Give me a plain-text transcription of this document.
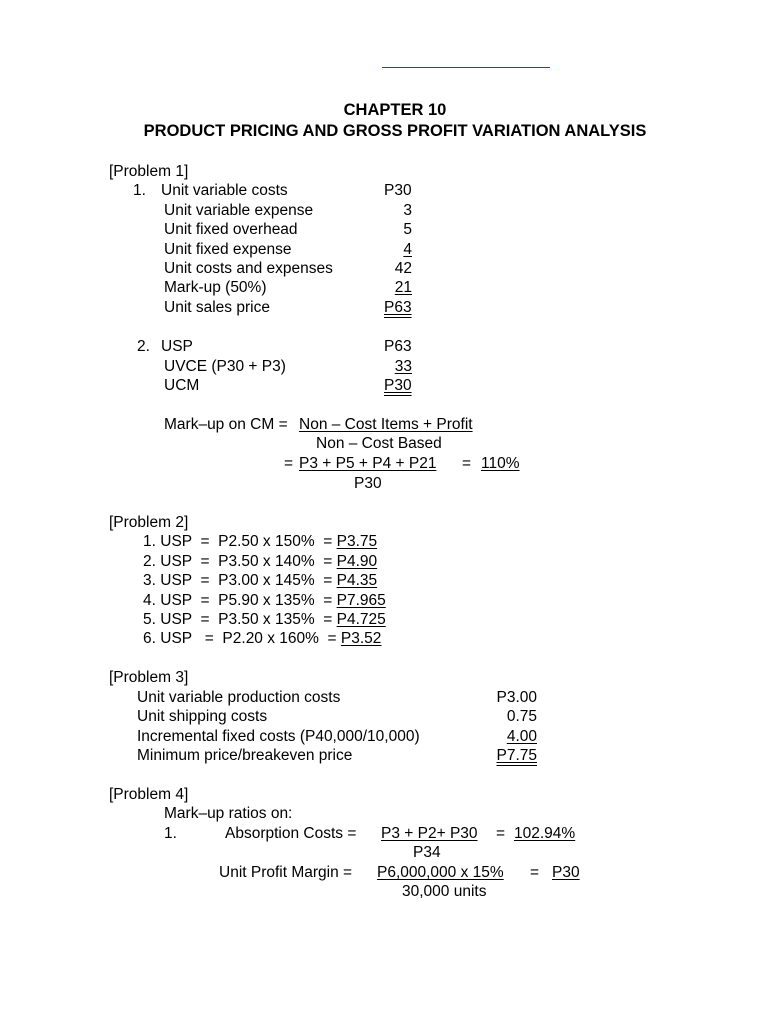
CHAPTER 10
PRODUCT PRICING AND GROSS PROFIT VARIATION ANALYSIS
[Problem 1]
1. Unit variable costs	P30
Unit variable expense	3
Unit fixed overhead	5
Unit fixed expense	4
Unit costs and expenses	42
Mark-up (50%)	21
Unit sales price	P63
2. USP	P63
UVCE (P30 + P3)	33
UCM	P30
Mark–up on CM = Non – Cost Items + Profit
Non – Cost Based
= P3 + P5 + P4 + P21	= 110%
P30
[Problem 2]
1. USP  =  P2.50 x 150%  = P3.75
2. USP  =  P3.50 x 140%  = P4.90
3. USP  =  P3.00 x 145%  = P4.35
4. USP  =  P5.90 x 135%  = P7.965
5. USP  =  P3.50 x 135%  = P4.725
6. USP   =  P2.20 x 160%  = P3.52
[Problem 3]
Unit variable production costs	P3.00
Unit shipping costs	0.75
Incremental fixed costs (P40,000/10,000)	4.00
Minimum price/breakeven price	P7.75
[Problem 4]
Mark–up ratios on:
1.	Absorption Costs = P3 + P2+ P30 = 102.94%
P34
Unit Profit Margin = P6,000,000 x 15% = P30
30,000 units
